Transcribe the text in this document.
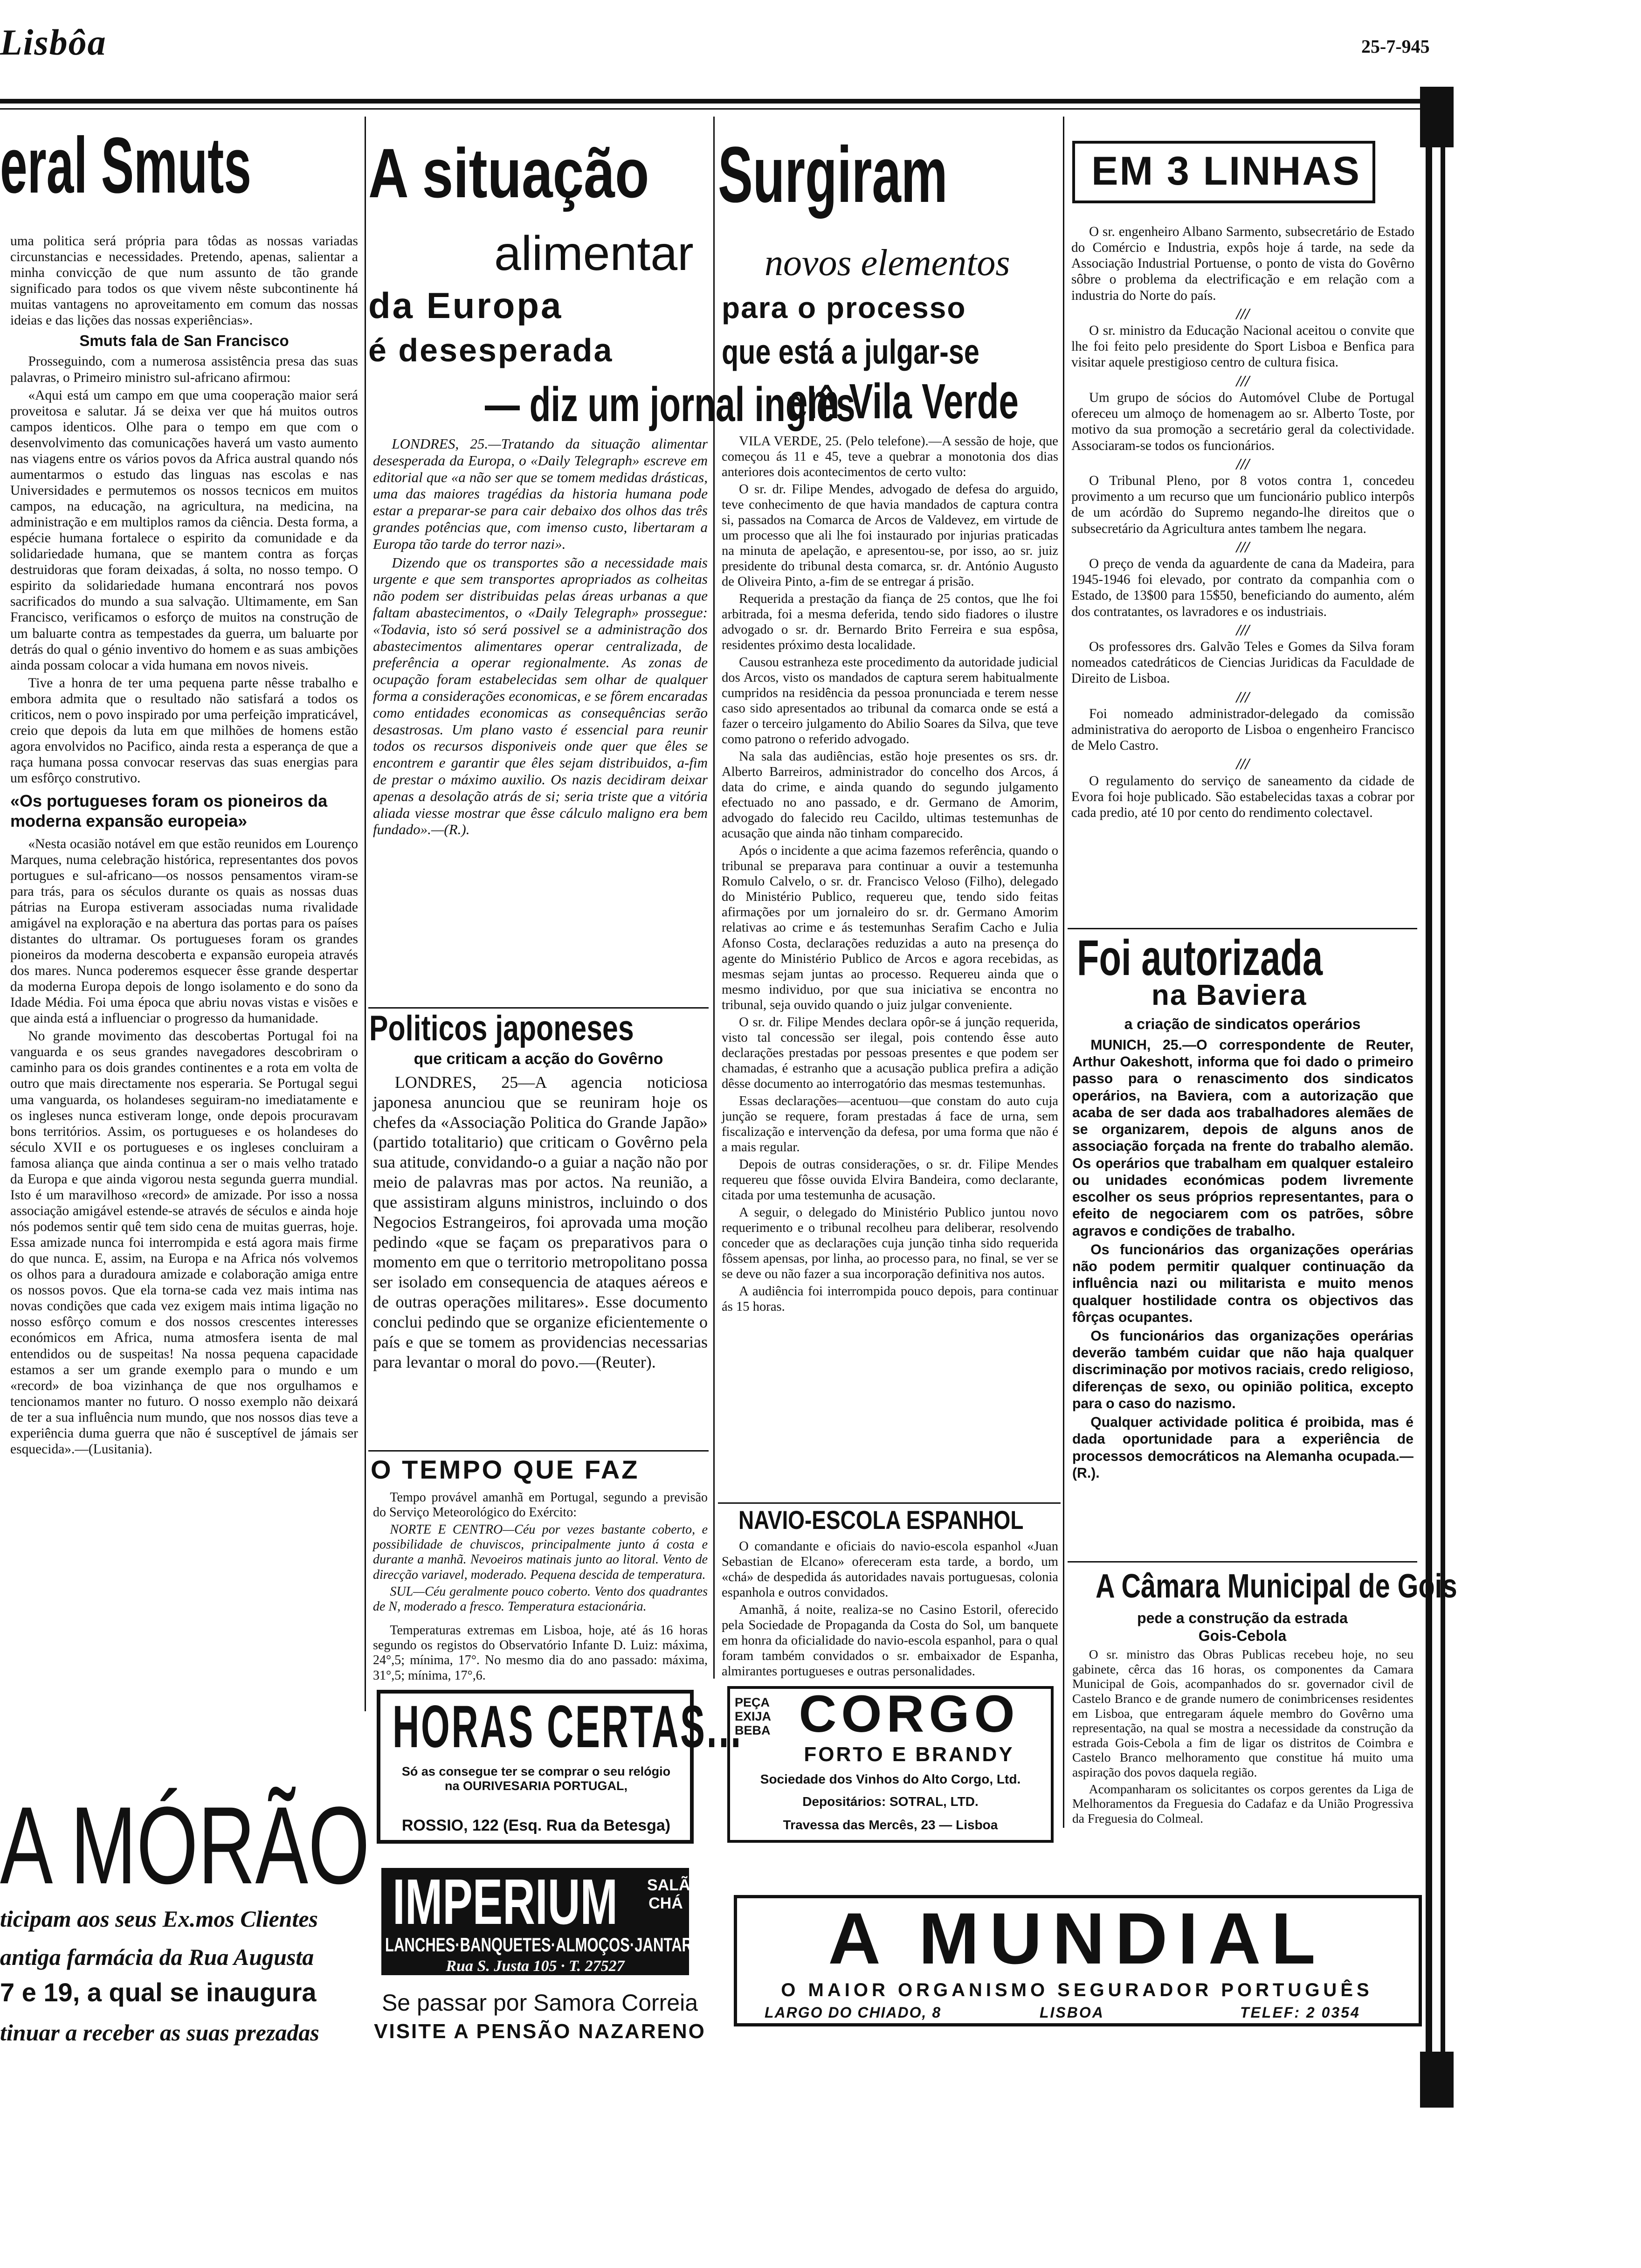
Lisbôa	25-7-945
eral Smuts

uma politica será própria para tôdas as nossas variadas circunstancias e necessidades. Pretendo, apenas, salientar a minha convicção de que num assunto de tão grande significado para todos os que vivem nêste subcontinente há muitas vantagens no aproveitamento em comum das nossas ideias e das lições das nossas experiências».

Smuts fala de San Francisco

Prosseguindo, com a numerosa assistência presa das suas palavras, o Primeiro ministro sul-africano afirmou:

«Aqui está um campo em que uma cooperação maior será proveitosa e salutar. Já se deixa ver que há muitos outros campos identicos. Olhe para o tempo em que com o desenvolvimento das comunicações haverá um vasto aumento nas viagens entre os vários povos da Africa austral quando nós aumentarmos o estudo das linguas nas escolas e nas Universidades e permutemos os nossos tecnicos em muitos campos, na educação, na agricultura, na medicina, na administração e em multiplos ramos da ciência. Desta forma, a espécie humana fortalece o espirito da comunidade e da solidariedade humana, que se mantem contra as forças destruidoras que foram deixadas, á solta, no nosso tempo. O espirito da solidariedade humana encontrará nos povos sacrificados do mundo a sua salvação. Ultimamente, em San Francisco, verificamos o esforço de muitos na construção de um baluarte contra as tempestades da guerra, um baluarte por detrás do qual o génio inventivo do homem e as suas ambições ainda possam colocar a vida humana em novos niveis.

Tive a honra de ter uma pequena parte nêsse trabalho e embora admita que o resultado não satisfará a todos os criticos, nem o povo inspirado por uma perfeição impraticável, creio que depois da luta em que milhões de homens estão agora envolvidos no Pacifico, ainda resta a esperança de que a raça humana possa convocar reservas das suas energias para um esfôrço construtivo.

«Os portugueses foram os pioneiros da moderna expansão europeia»

«Nesta ocasião notável em que estão reunidos em Lourenço Marques, numa celebração histórica, representantes dos povos portugues e sul-africano—os nossos pensamentos viram-se para trás, para os séculos durante os quais as nossas duas pátrias na Europa estiveram associadas numa rivalidade amigável na exploração e na abertura das portas para os países distantes do ultramar. Os portugueses foram os grandes pioneiros da moderna descoberta e expansão europeia através dos mares. Nunca poderemos esquecer êsse grande despertar da moderna Europa depois de longo isolamento e do sono da Idade Média. Foi uma época que abriu novas vistas e visões e que ainda está a influenciar o progresso da humanidade.

No grande movimento das descobertas Portugal foi na vanguarda e os seus grandes navegadores descobriram o caminho para os dois grandes continentes e a rota em volta de outro que mais directamente nos esperaria. Se Portugal segui uma vanguarda, os holandeses seguiram-no imediatamente e os ingleses nunca estiveram longe, onde depois procuravam bons territórios. Assim, os portugueses e os holandeses do século XVII e os portugueses e os ingleses concluiram a famosa aliança que ainda continua a ser o mais velho tratado da Europa e que ainda vigorou nesta segunda guerra mundial. Isto é um maravilhoso «record» de amizade. Por isso a nossa associação amigável estende-se através de séculos e ainda hoje nós podemos sentir quê tem sido cena de muitas guerras, hoje. Essa amizade nunca foi interrompida e está agora mais firme do que nunca. E, assim, na Europa e na Africa nós volvemos os olhos para a duradoura amizade e colaboração amiga entre os nossos povos. Que ela torna-se cada vez mais intima nas novas condições que cada vez exigem mais intima ligação no nosso esfôrço comum e dos nossos crescentes interesses económicos em Africa, numa atmosfera isenta de mal entendidos ou de suspeitas! Na nossa pequena capacidade estamos a ser um grande exemplo para o mundo e um «record» de boa vizinhança de que nos orgulhamos e tencionamos manter no futuro. O nosso exemplo não deixará de ter a sua influência num mundo, que nos nossos dias teve a experiência duma guerra que não é susceptível de jámais ser esquecida».—(Lusitania).

A situação
alimentar
da Europa
é desesperada
— diz um jornal inglês

LONDRES, 25.—Tratando da situação alimentar desesperada da Europa, o «Daily Telegraph» escreve em editorial que «a não ser que se tomem medidas drásticas, uma das maiores tragédias da historia humana pode estar a preparar-se para cair debaixo dos olhos das três grandes potências que, com imenso custo, libertaram a Europa tão tarde do terror nazi».

Dizendo que os transportes são a necessidade mais urgente e que sem transportes apropriados as colheitas não podem ser distribuidas pelas áreas urbanas a que faltam abastecimentos, o «Daily Telegraph» prossegue: «Todavia, isto só será possivel se a administração dos abastecimentos alimentares operar centralizada, de preferência a operar regionalmente. As zonas de ocupação foram estabelecidas sem olhar de qualquer forma a considerações economicas, e se fôrem encaradas como entidades economicas as consequências serão desastrosas. Um plano vasto é essencial para reunir todos os recursos disponiveis onde quer que êles se encontrem e garantir que êles sejam distribuidos, a-fim de prestar o máximo auxilio. Os nazis decidiram deixar apenas a desolação atrás de si; seria triste que a vitória aliada viesse mostrar que êsse cálculo maligno era bem fundado».—(R.).

Politicos japoneses
que criticam a acção do Govêrno

LONDRES, 25—A agencia noticiosa japonesa anunciou que se reuniram hoje os chefes da «Associação Politica do Grande Japão» (partido totalitario) que criticam o Govêrno pela sua atitude, convidando-o a guiar a nação não por meio de palavras mas por actos. Na reunião, a que assistiram alguns ministros, incluindo o dos Negocios Estrangeiros, foi aprovada uma moção pedindo «que se façam os preparativos para o momento em que o territorio metropolitano possa ser isolado em consequencia de ataques aéreos e de outras operações militares». Esse documento conclui pedindo que se organize eficientemente o país e que se tomem as providencias necessarias para levantar o moral do povo.—(Reuter).

O TEMPO QUE FAZ

Tempo provável amanhã em Portugal, segundo a previsão do Serviço Meteorológico do Exército:

NORTE E CENTRO—Céu por vezes bastante coberto, e possibilidade de chuviscos, principalmente junto á costa e durante a manhã. Nevoeiros matinais junto ao litoral. Vento de direcção variavel, moderado. Pequena descida de temperatura.

SUL—Céu geralmente pouco coberto. Vento dos quadrantes de N, moderado a fresco. Temperatura estacionária.

Temperaturas extremas em Lisboa, hoje, até ás 16 horas segundo os registos do Observatório Infante D. Luiz: máxima, 24°,5; mínima, 17°. No mesmo dia do ano passado: máxima, 31°,5; mínima, 17°,6.

Surgiram
novos elementos
para o processo
que está a julgar-se
em Vila Verde

VILA VERDE, 25. (Pelo telefone).—A sessão de hoje, que começou ás 11 e 45, teve a quebrar a monotonia dos dias anteriores dois acontecimentos de certo vulto:

O sr. dr. Filipe Mendes, advogado de defesa do arguido, teve conhecimento de que havia mandados de captura contra si, passados na Comarca de Arcos de Valdevez, em virtude de um processo que ali lhe foi instaurado por injurias praticadas na minuta de apelação, e apresentou-se, por isso, ao sr. juiz presidente do tribunal desta comarca, sr. dr. António Augusto de Oliveira Pinto, a-fim de se entregar á prisão.

Requerida a prestação da fiança de 25 contos, que lhe foi arbitrada, foi a mesma deferida, tendo sido fiadores o ilustre advogado o sr. dr. Bernardo Brito Ferreira e sua espôsa, residentes próximo desta localidade.

Causou estranheza este procedimento da autoridade judicial dos Arcos, visto os mandados de captura serem habitualmente cumpridos na residência da pessoa pronunciada e terem nesse caso sido apresentados ao tribunal da comarca onde se está a fazer o terceiro julgamento do Abilio Soares da Silva, que teve como patrono o referido advogado.

Na sala das audiências, estão hoje presentes os srs. dr. Alberto Barreiros, administrador do concelho dos Arcos, á data do crime, e ainda quando do segundo julgamento efectuado no ano passado, e dr. Germano de Amorim, advogado do falecido reu Cacildo, ultimas testemunhas de acusação que ainda não tinham comparecido.

Após o incidente a que acima fazemos referência, quando o tribunal se preparava para continuar a ouvir a testemunha Romulo Calvelo, o sr. dr. Francisco Veloso (Filho), delegado do Ministério Publico, requereu que, tendo sido feitas afirmações por um jornaleiro do sr. dr. Germano Amorim relativas ao crime e ás testemunhas Serafim Cacho e Julia Afonso Costa, declarações reduzidas a auto na presença do agente do Ministério Publico de Arcos e agora recebidas, as mesmas sejam juntas ao processo. Requereu ainda que o mesmo individuo, por que sua iniciativa se encontra no tribunal, seja ouvido quando o juiz julgar conveniente.

O sr. dr. Filipe Mendes declara opôr-se á junção requerida, visto tal concessão ser ilegal, pois contendo êsse auto declarações prestadas por pessoas presentes e que podem ser chamadas, é estranho que a acusação publica prefira a adição dêsse documento ao interrogatório das mesmas testemunhas.

Essas declarações—acentuou—que constam do auto cuja junção se requere, foram prestadas á face de urna, sem fiscalização e intervenção da defesa, por uma forma que não é a mais regular.

Depois de outras considerações, o sr. dr. Filipe Mendes requereu que fôsse ouvida Elvira Bandeira, como declarante, citada por uma testemunha de acusação.

A seguir, o delegado do Ministério Publico juntou novo requerimento e o tribunal recolheu para deliberar, resolvendo conceder que as declarações cuja junção tinha sido requerida fôssem apensas, por linha, ao processo para, no final, se ver se se deve ou não fazer a sua incorporação definitiva nos autos.

A audiência foi interrompida pouco depois, para continuar ás 15 horas.

NAVIO-ESCOLA ESPANHOL

O comandante e oficiais do navio-escola espanhol «Juan Sebastian de Elcano» ofereceram esta tarde, a bordo, um «chá» de despedida ás autoridades navais portuguesas, colonia espanhola e outros convidados.

Amanhã, á noite, realiza-se no Casino Estoril, oferecido pela Sociedade de Propaganda da Costa do Sol, um banquete em honra da oficialidade do navio-escola espanhol, para o qual foram também convidados o sr. embaixador de Espanha, almirantes portugueses e outras personalidades.

EM 3 LINHAS

O sr. engenheiro Albano Sarmento, subsecretário de Estado do Comércio e Industria, expôs hoje á tarde, na sede da Associação Industrial Portuense, o ponto de vista do Govêrno sôbre o problema da electrificação e em relação com a industria do Norte do país.

///

O sr. ministro da Educação Nacional aceitou o convite que lhe foi feito pelo presidente do Sport Lisboa e Benfica para visitar aquele prestigioso centro de cultura fisica.

///

Um grupo de sócios do Automóvel Clube de Portugal ofereceu um almoço de homenagem ao sr. Alberto Toste, por motivo da sua promoção a secretário geral da colectividade. Associaram-se todos os funcionários.

///

O Tribunal Pleno, por 8 votos contra 1, concedeu provimento a um recurso que um funcionário publico interpôs de um acórdão do Supremo negando-lhe direitos que o subsecretário da Agricultura antes tambem lhe negara.

///

O preço de venda da aguardente de cana da Madeira, para 1945-1946 foi elevado, por contrato da companhia com o Estado, de 13$00 para 15$50, beneficiando do aumento, além dos contratantes, os lavradores e os industriais.

///

Os professores drs. Galvão Teles e Gomes da Silva foram nomeados catedráticos de Ciencias Juridicas da Faculdade de Direito de Lisboa.

///

Foi nomeado administrador-delegado da comissão administrativa do aeroporto de Lisboa o engenheiro Francisco de Melo Castro.

///

O regulamento do serviço de saneamento da cidade de Evora foi hoje publicado. São estabelecidas taxas a cobrar por cada predio, até 10 por cento do rendimento colectavel.

Foi autorizada
na Baviera
a criação de sindicatos operários

MUNICH, 25.—O correspondente de Reuter, Arthur Oakeshott, informa que foi dado o primeiro passo para o renascimento dos sindicatos operários, na Baviera, com a autorização que acaba de ser dada aos trabalhadores alemães de se organizarem, depois de alguns anos de associação forçada na frente do trabalho alemão. Os operários que trabalham em qualquer estaleiro ou unidades económicas podem livremente escolher os seus próprios representantes, para o efeito de negociarem com os patrões, sôbre agravos e condições de trabalho.

Os funcionários das organizações operárias não podem permitir qualquer continuação da influência nazi ou militarista e muito menos qualquer hostilidade contra os objectivos das fôrças ocupantes.

Os funcionários das organizações operárias deverão também cuidar que não haja qualquer discriminação por motivos raciais, credo religioso, diferenças de sexo, ou opinião politica, excepto para o caso do nazismo.

Qualquer actividade politica é proibida, mas é dada oportunidade para a experiência de processos democráticos na Alemanha ocupada.—(R.).

A Câmara Municipal de Gois
pede a construção da estrada
Gois-Cebola

O sr. ministro das Obras Publicas recebeu hoje, no seu gabinete, cêrca das 16 horas, os componentes da Camara Municipal de Gois, acompanhados do sr. governador civil de Castelo Branco e de grande numero de conimbricenses residentes em Lisboa, que entregaram áquele membro do Govêrno uma representação, na qual se mostra a necessidade da construção da estrada Gois-Cebola a fim de ligar os distritos de Coimbra e Castelo Branco melhoramento que constitue há muito uma aspiração dos povos daquela região.

Acompanharam os solicitantes os corpos gerentes da Liga de Melhoramentos da Freguesia do Cadafaz e da União Progressiva da Freguesia do Colmeal.

A MÓRÃO
ticipam aos seus Ex.mos Clientes
antiga farmácia da Rua Augusta
7 e 19, a qual se inaugura
tinuar a receber as suas prezadas
HORAS CERTAS...
Só as consegue ter se comprar o seu relógio na OURIVESARIA PORTUGAL,
ROSSIO, 122 (Esq. Rua da Betesga)
IMPERIUM SALÃO CHÁ
LANCHES·BANQUETES·ALMOÇOS·JANTARES
Rua S. Justa 105 · T. 27527
Se passar por Samora Correia
VISITE A PENSÃO NAZARENO
PEÇA
EXIJA
BEBA CORGO
FORTO E BRANDY
Sociedade dos Vinhos do Alto Corgo, Ltd.
Depositários: SOTRAL, LTD.
Travessa das Mercês, 23 — Lisboa
A MUNDIAL
O MAIOR ORGANISMO SEGURADOR PORTUGUÊS
LARGO DO CHIADO, 8	LISBOA	TELEF: 2 0354
